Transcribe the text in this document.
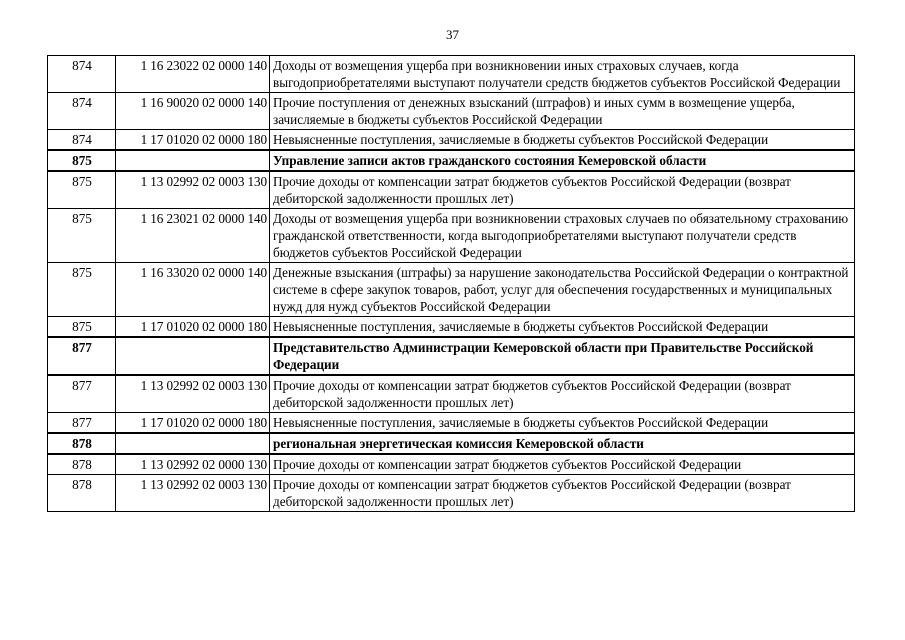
37
874	1 16 23022 02 0000 140	Доходы от возмещения ущерба при возникновении иных страховых случаев, когда выгодоприобретателями выступают получатели средств бюджетов субъектов Российской Федерации
874	1 16 90020 02 0000 140	Прочие поступления от денежных взысканий (штрафов) и иных сумм в возмещение ущерба, зачисляемые в бюджеты субъектов Российской Федерации
874	1 17 01020 02 0000 180	Невыясненные поступления, зачисляемые в бюджеты субъектов Российской Федерации
875		Управление записи актов гражданского состояния Кемеровской области
875	1 13 02992 02 0003 130	Прочие доходы от компенсации затрат бюджетов субъектов Российской Федерации (возврат дебиторской задолженности прошлых лет)
875	1 16 23021 02 0000 140	Доходы от возмещения ущерба при возникновении страховых случаев по обязательному страхованию гражданской ответственности, когда выгодоприобретателями выступают получатели средств бюджетов субъектов Российской Федерации
875	1 16 33020 02 0000 140	Денежные взыскания (штрафы) за нарушение законодательства Российской Федерации о контрактной системе в сфере закупок товаров, работ, услуг для обеспечения государственных и муниципальных нужд для нужд субъектов Российской Федерации
875	1 17 01020 02 0000 180	Невыясненные поступления, зачисляемые в бюджеты субъектов Российской Федерации
877		Представительство Администрации Кемеровской области при Правительстве Российской Федерации
877	1 13 02992 02 0003 130	Прочие доходы от компенсации затрат бюджетов субъектов Российской Федерации (возврат дебиторской задолженности прошлых лет)
877	1 17 01020 02 0000 180	Невыясненные поступления, зачисляемые в бюджеты субъектов Российской Федерации
878		региональная энергетическая комиссия Кемеровской области
878	1 13 02992 02 0000 130	Прочие доходы от компенсации затрат бюджетов субъектов Российской Федерации
878	1 13 02992 02 0003 130	Прочие доходы от компенсации затрат бюджетов субъектов Российской Федерации (возврат дебиторской задолженности прошлых лет)
